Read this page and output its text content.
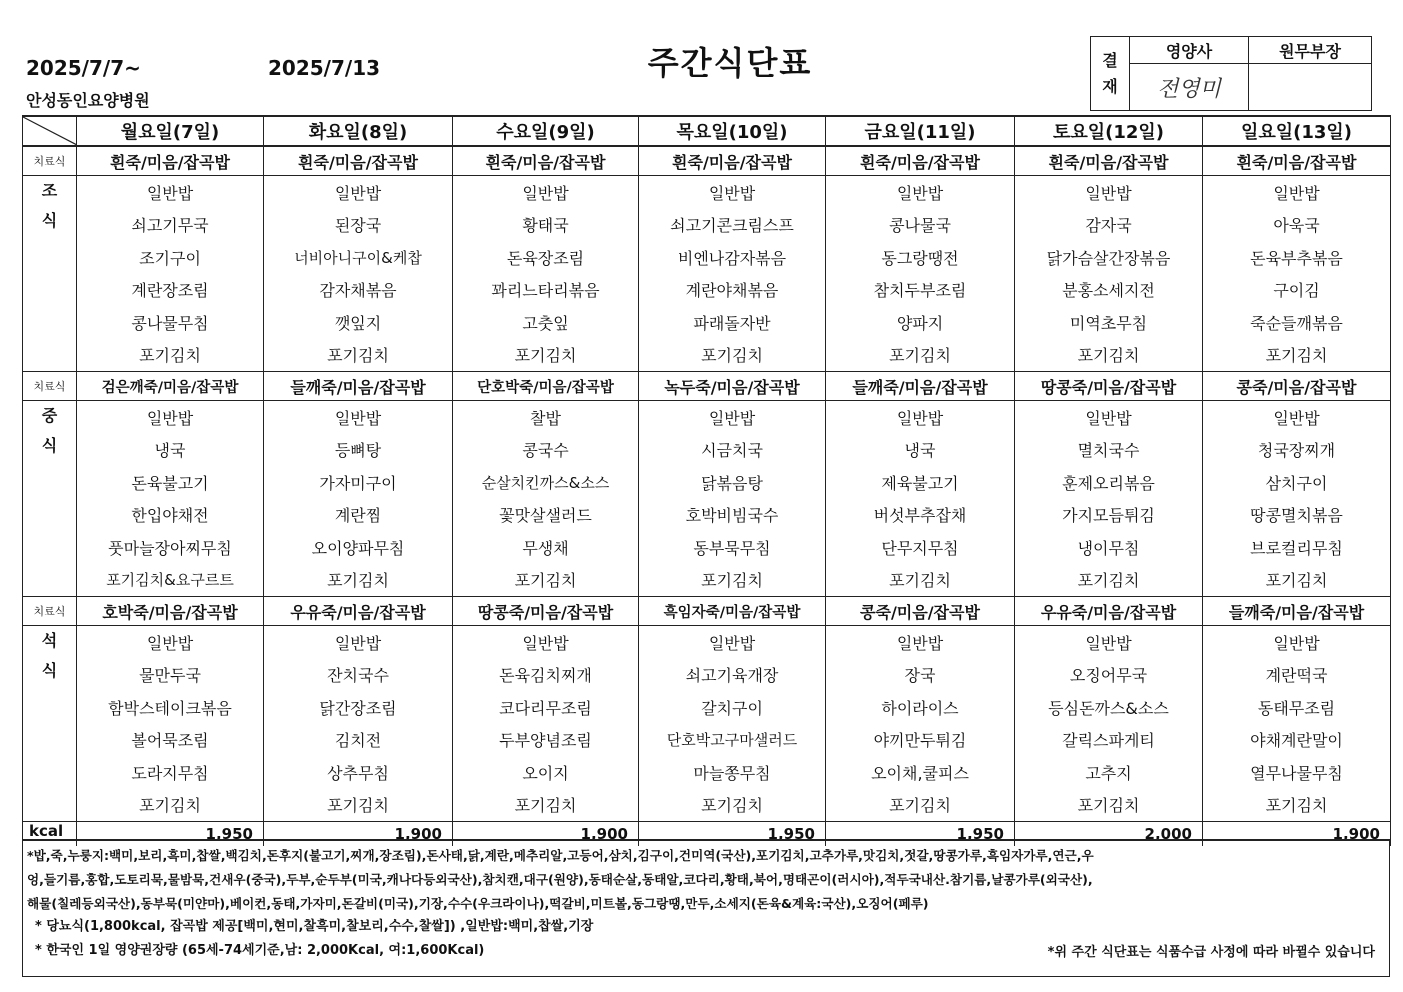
2025/7/7~	2025/7/13
안성동인요양병원
주간식단표	결
재	영양사	원무부장
	전영미	
	월요일(7일)	화요일(8일)	수요일(9일)	목요일(10일)	금요일(11일)	토요일(12일)	일요일(13일)
치료식	흰죽/미음/잡곡밥	흰죽/미음/잡곡밥	흰죽/미음/잡곡밥	흰죽/미음/잡곡밥	흰죽/미음/잡곡밥	흰죽/미음/잡곡밥	흰죽/미음/잡곡밥
조
식	일반밥	일반밥	일반밥	일반밥	일반밥	일반밥	일반밥
	쇠고기무국	된장국	황태국	쇠고기콘크림스프	콩나물국	감자국	아욱국
	조기구이	너비아니구이&케찹	돈육장조림	비엔나감자볶음	동그랑땡전	닭가슴살간장볶음	돈육부추볶음
	계란장조림	감자채볶음	꽈리느타리볶음	계란야채볶음	참치두부조림	분홍소세지전	구이김
	콩나물무침	깻잎지	고춧잎	파래돌자반	양파지	미역초무침	죽순들깨볶음
	포기김치	포기김치	포기김치	포기김치	포기김치	포기김치	포기김치
치료식	검은깨죽/미음/잡곡밥	들깨죽/미음/잡곡밥	단호박죽/미음/잡곡밥	녹두죽/미음/잡곡밥	들깨죽/미음/잡곡밥	땅콩죽/미음/잡곡밥	콩죽/미음/잡곡밥
중
식	일반밥	일반밥	찰밥	일반밥	일반밥	일반밥	일반밥
	냉국	등뼈탕	콩국수	시금치국	냉국	멸치국수	청국장찌개
	돈육불고기	가자미구이	순살치킨까스&소스	닭볶음탕	제육불고기	훈제오리볶음	삼치구이
	한입야채전	계란찜	꽃맛살샐러드	호박비빔국수	버섯부추잡채	가지모듬튀김	땅콩멸치볶음
	풋마늘장아찌무침	오이양파무침	무생채	동부묵무침	단무지무침	냉이무침	브로컬리무침
	포기김치&요구르트	포기김치	포기김치	포기김치	포기김치	포기김치	포기김치
치료식	호박죽/미음/잡곡밥	우유죽/미음/잡곡밥	땅콩죽/미음/잡곡밥	흑임자죽/미음/잡곡밥	콩죽/미음/잡곡밥	우유죽/미음/잡곡밥	들깨죽/미음/잡곡밥
석
식	일반밥	일반밥	일반밥	일반밥	일반밥	일반밥	일반밥
	물만두국	잔치국수	돈육김치찌개	쇠고기육개장	장국	오징어무국	계란떡국
	함박스테이크볶음	닭간장조림	코다리무조림	갈치구이	하이라이스	등심돈까스&소스	동태무조림
	볼어묵조림	김치전	두부양념조림	단호박고구마샐러드	야끼만두튀김	갈릭스파게티	야채계란말이
	도라지무침	상추무침	오이지	마늘쫑무침	오이채,쿨피스	고추지	열무나물무침
	포기김치	포기김치	포기김치	포기김치	포기김치	포기김치	포기김치
kcal	1,950	1,900	1,900	1,950	1,950	2,000	1,900
*밥,죽,누룽지:백미,보리,흑미,찹쌀,백김치,돈후지(불고기,찌개,장조림),돈사태,닭,계란,메추리알,고등어,삼치,김구이,건미역(국산),포기김치,고추가루,맛김치,젓갈,땅콩가루,흑임자가루,연근,우
엉,들기름,홍합,도토리묵,물밤묵,건새우(중국),두부,순두부(미국,캐나다등외국산),참치캔,대구(원양),동태순살,동태알,코다리,황태,북어,명태곤이(러시아),적두국내산.참기름,날콩가루(외국산),
해물(칠레등외국산),동부묵(미얀마),베이컨,동태,가자미,돈갈비(미국),기장,수수(우크라이나),떡갈비,미트볼,동그랑땡,만두,소세지(돈육&계육:국산),오징어(페루)
* 당뇨식(1,800kcal, 잡곡밥 제공[백미,현미,찰흑미,찰보리,수수,찰쌀]) ,일반밥:백미,찹쌀,기장
* 한국인 1일 영양권장량 (65세-74세기준,남: 2,000Kcal, 여:1,600Kcal)	*위 주간 식단표는 식품수급 사정에 따라 바뀔수 있습니다
